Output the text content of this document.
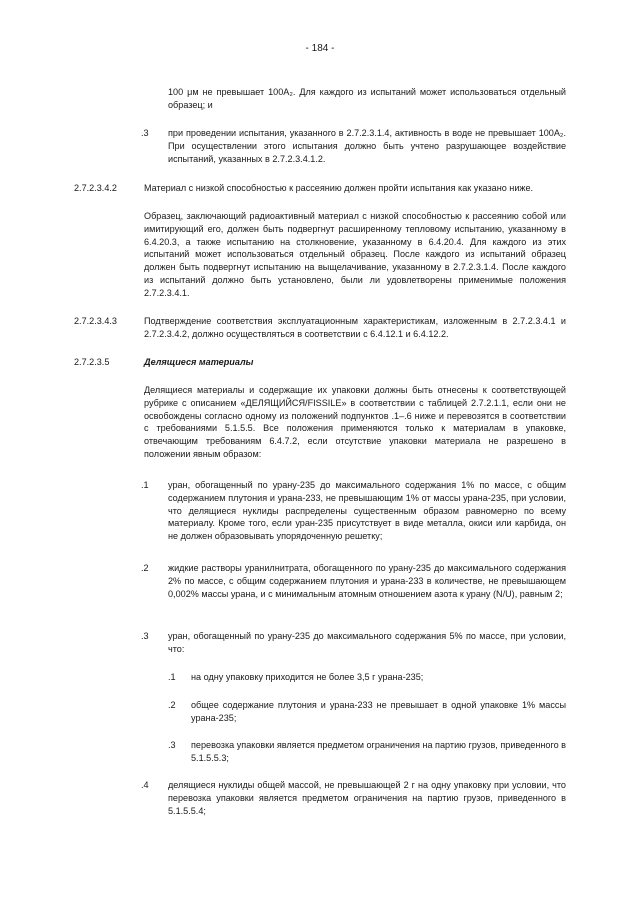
- 184 -

100 μм не превышает 100A₂. Для каждого из испытаний может использоваться отдельный образец; и

.3 при проведении испытания, указанного в 2.7.2.3.1.4, активность в воде не превышает 100A₂. При осуществлении этого испытания должно быть учтено разрушающее воздействие испытаний, указанных в 2.7.2.3.4.1.2.

2.7.2.3.4.2	Материал с низкой способностью к рассеянию должен пройти испытания как указано ниже.

Образец, заключающий радиоактивный материал с низкой способностью к рассеянию собой или имитирующий его, должен быть подвергнут расширенному тепловому испытанию, указанному в 6.4.20.3, а также испытанию на столкновение, указанному в 6.4.20.4. Для каждого из этих испытаний может использоваться отдельный образец. После каждого из испытаний образец должен быть подвергнут испытанию на выщелачивание, указанному в 2.7.2.3.1.4. После каждого из испытаний должно быть установлено, были ли удовлетворены применимые положения 2.7.2.3.4.1.

2.7.2.3.4.3	Подтверждение соответствия эксплуатационным характеристикам, изложенным в 2.7.2.3.4.1 и 2.7.2.3.4.2, должно осуществляться в соответствии с 6.4.12.1 и 6.4.12.2.

2.7.2.3.5	Делящиеся материалы

Делящиеся материалы и содержащие их упаковки должны быть отнесены к соответствующей рубрике с описанием «ДЕЛЯЩИЙСЯ/FISSILE» в соответствии с таблицей 2.7.2.1.1, если они не освобождены согласно одному из положений подпунктов .1–.6 ниже и перевозятся в соответствии с требованиями 5.1.5.5. Все положения применяются только к материалам в упаковке, отвечающим требованиям 6.4.7.2, если отсутствие упаковки материала не разрешено в положении явным образом:

.1 уран, обогащенный по урану-235 до максимального содержания 1% по массе, с общим содержанием плутония и урана-233, не превышающим 1% от массы урана-235, при условии, что делящиеся нуклиды распределены существенным образом равномерно по всему материалу. Кроме того, если уран-235 присутствует в виде металла, окиси или карбида, он не должен образовывать упорядоченную решетку;

.2 жидкие растворы уранилнитрата, обогащенного по урану-235 до максимального содержания 2% по массе, с общим содержанием плутония и урана-233 в количестве, не превышающем 0,002% массы урана, и с минимальным атомным отношением азота к урану (N/U), равным 2;

.3 уран, обогащенный по урану-235 до максимального содержания 5% по массе, при условии, что:

.1 на одну упаковку приходится не более 3,5 г урана-235;

.2 общее содержание плутония и урана-233 не превышает в одной упаковке 1% массы урана-235;

.3 перевозка упаковки является предметом ограничения на партию грузов, приведенного в 5.1.5.5.3;

.4 делящиеся нуклиды общей массой, не превышающей 2 г на одну упаковку при условии, что перевозка упаковки является предметом ограничения на партию грузов, приведенного в 5.1.5.5.4;
